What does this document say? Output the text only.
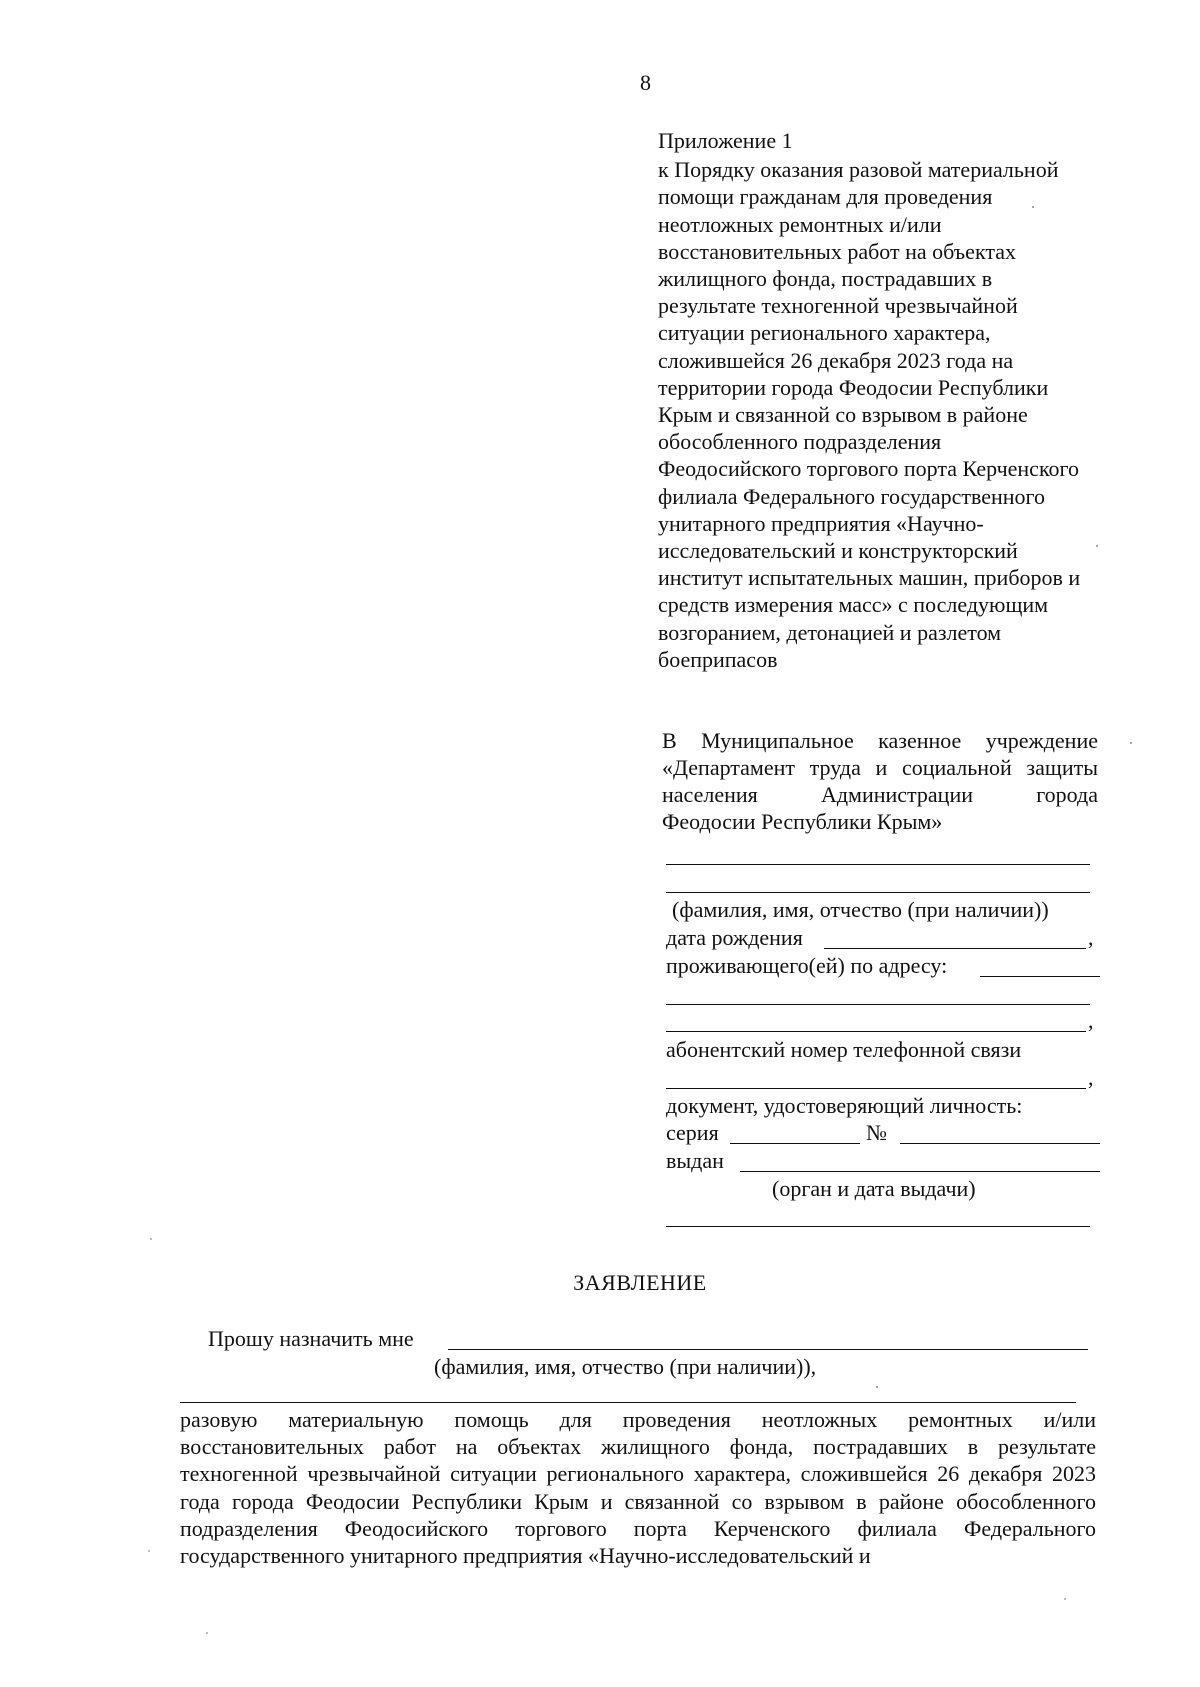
8
Приложение 1
к Порядку оказания разовой материальной
помощи гражданам для проведения
неотложных ремонтных и/или
восстановительных работ на объектах
жилищного фонда, пострадавших в
результате техногенной чрезвычайной
ситуации регионального характера,
сложившейся 26 декабря 2023 года на
территории города Феодосии Республики
Крым и связанной со взрывом в районе
обособленного подразделения
Феодосийского торгового порта Керченского
филиала Федерального государственного
унитарного предприятия «Научно-
исследовательский и конструкторский
институт испытательных машин, приборов и
средств измерения масс» с последующим
возгоранием, детонацией и разлетом
боеприпасов
В Муниципальное казенное учреждение
«Департамент труда и социальной защиты
населения Администрации города
Феодосии Республики Крым»
(фамилия, имя, отчество (при наличии))
дата рождения	,
проживающего(ей) по адресу:
,
абонентский номер телефонной связи
,
документ, удостоверяющий личность:
серия	№
выдан
(орган и дата выдачи)
ЗАЯВЛЕНИЕ
Прошу назначить мне
(фамилия, имя, отчество (при наличии)),
разовую материальную помощь для проведения неотложных ремонтных и/или восстановительных работ на объектах жилищного фонда, пострадавших в результате техногенной чрезвычайной ситуации регионального характера, сложившейся 26 декабря 2023 года города Феодосии Республики Крым и связанной со взрывом в районе обособленного подразделения Феодосийского торгового порта Керченского филиала Федерального государственного унитарного предприятия «Научно-исследовательский и
